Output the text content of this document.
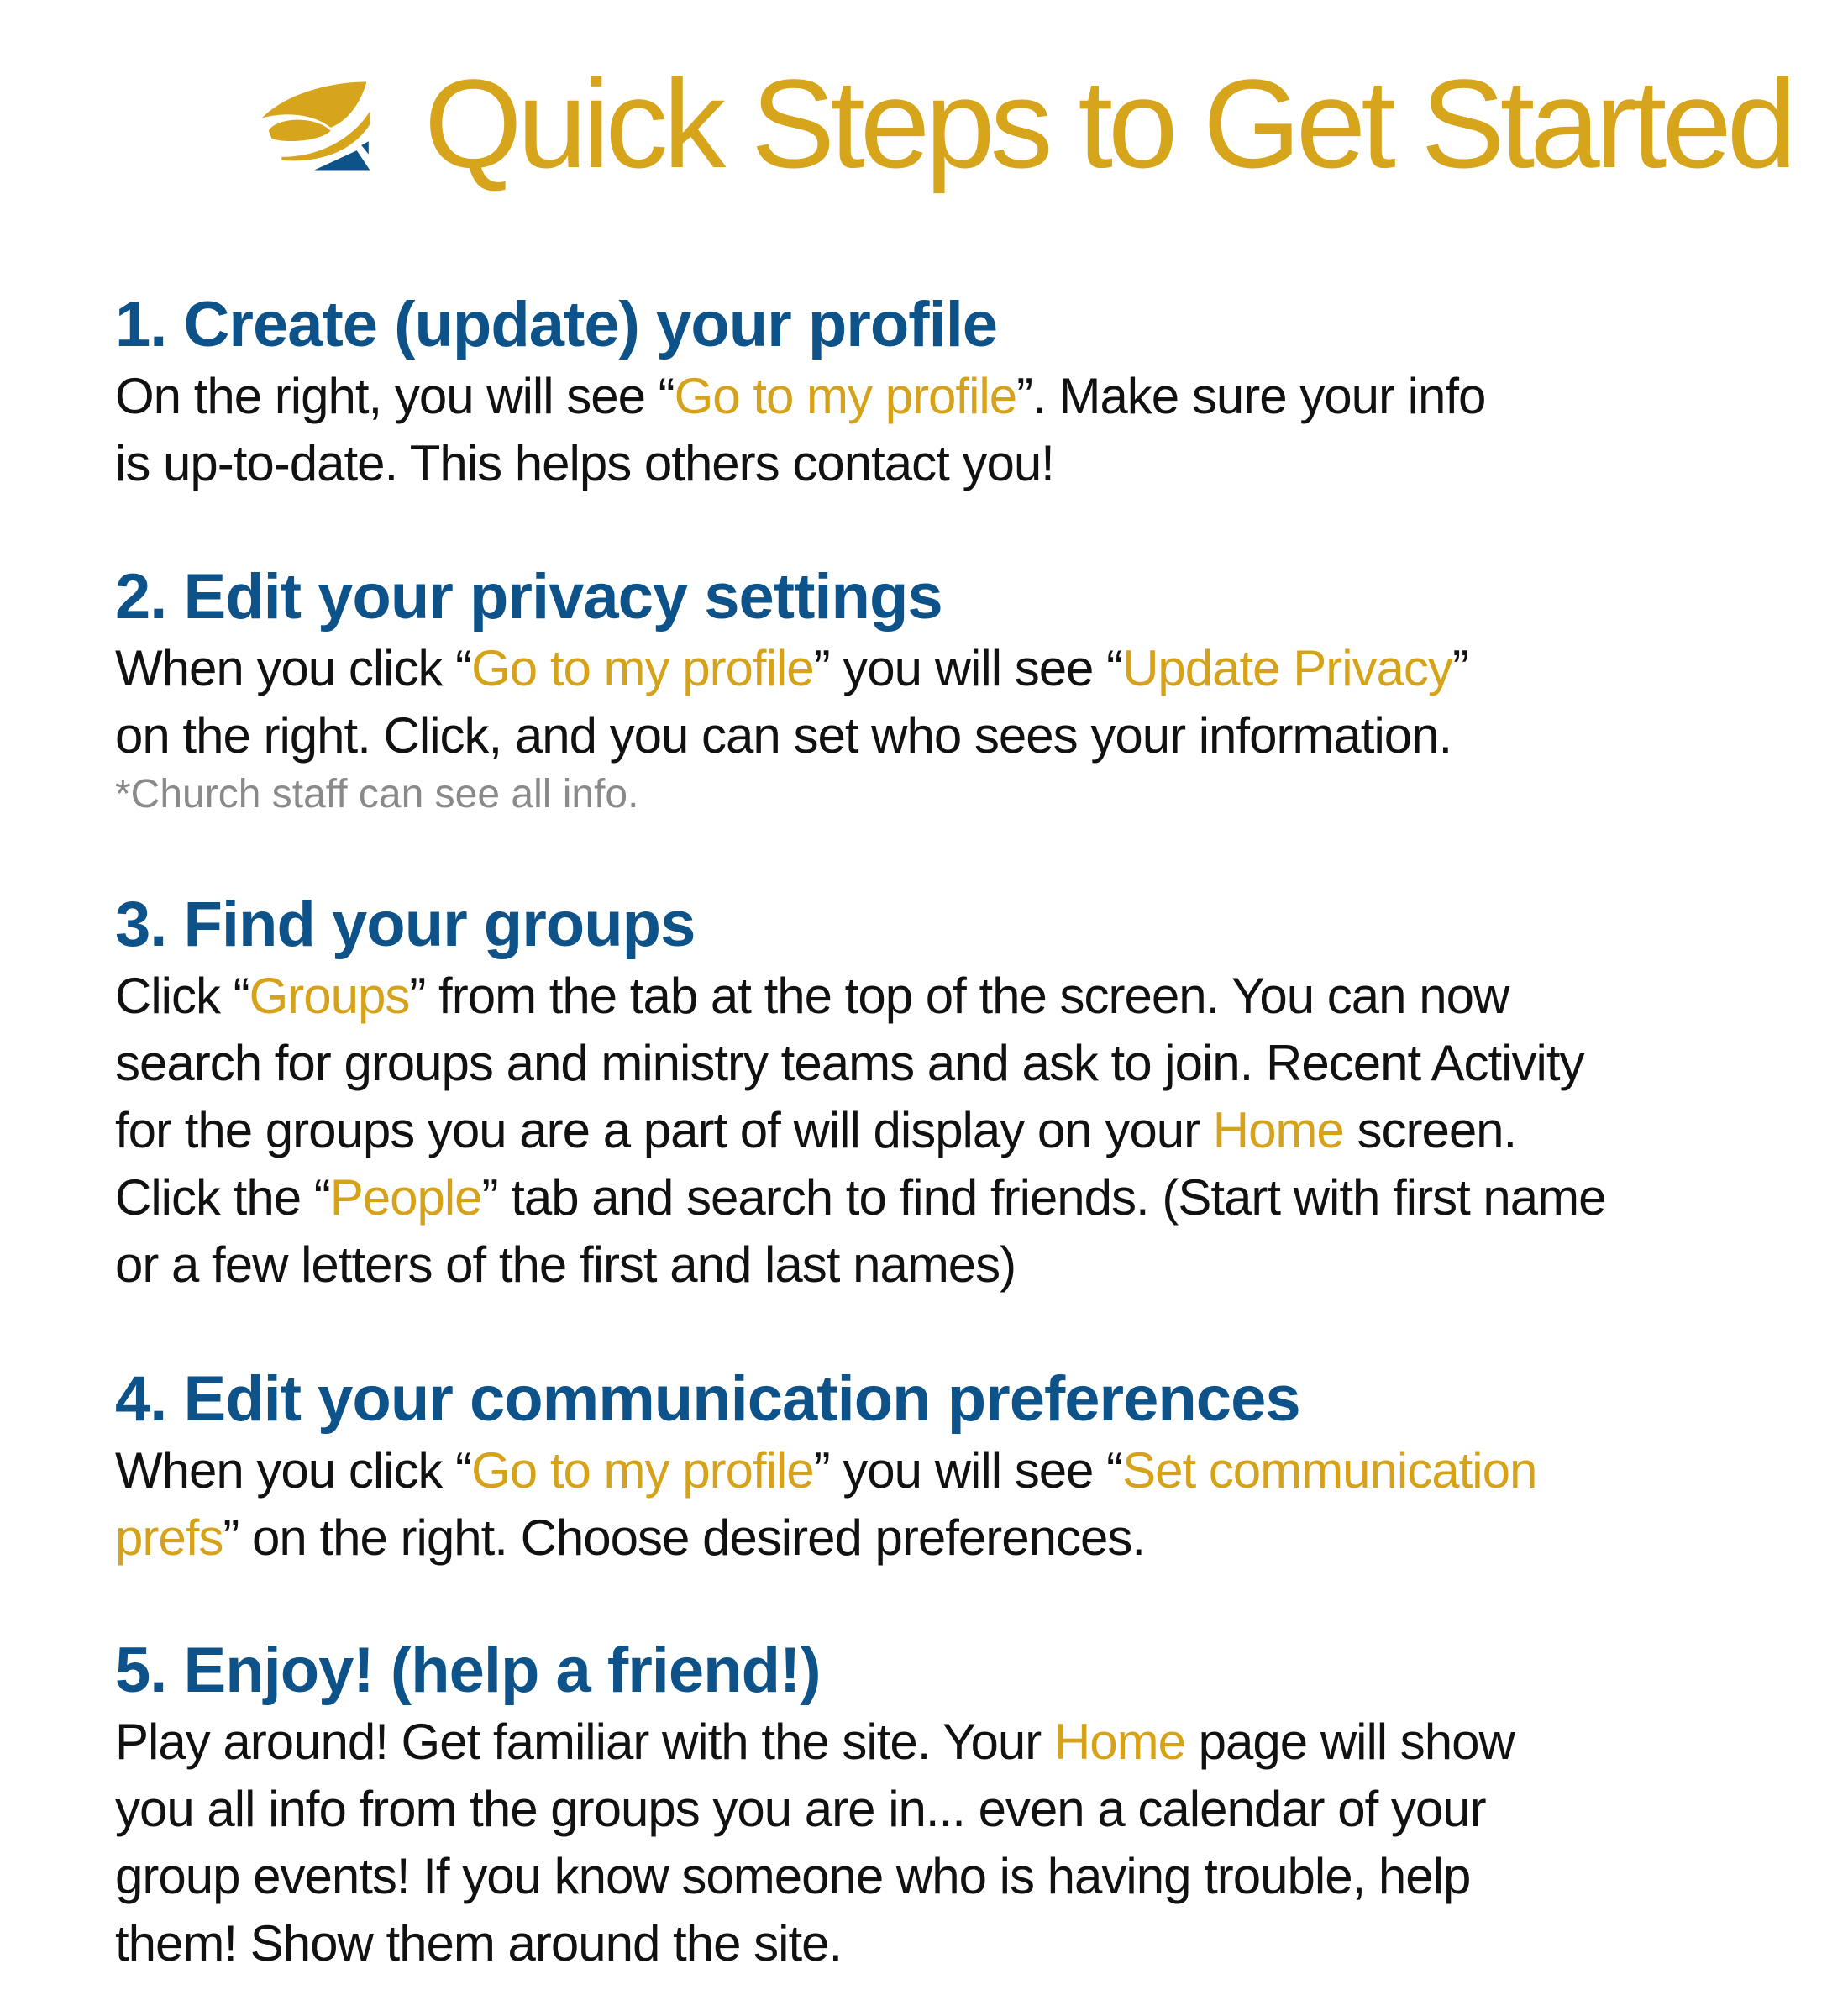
Quick Steps to Get Started
1. Create (update) your profile
On the right, you will see “Go to my profile”. Make sure your info
is up-to-date. This helps others contact you!
2. Edit your privacy settings
When you click “Go to my profile” you will see “Update Privacy”
on the right. Click, and you can set who sees your information.
*Church staff can see all info.
3. Find your groups
Click “Groups” from the tab at the top of the screen. You can now
search for groups and ministry teams and ask to join. Recent Activity
for the groups you are a part of will display on your Home screen.
Click the “People” tab and search to find friends. (Start with first name
or a few letters of the first and last names)
4. Edit your communication preferences
When you click “Go to my profile” you will see “Set communication
prefs” on the right. Choose desired preferences.
5. Enjoy! (help a friend!)
Play around! Get familiar with the site. Your Home page will show
you all info from the groups you are in... even a calendar of your
group events! If you know someone who is having trouble, help
them! Show them around the site.
